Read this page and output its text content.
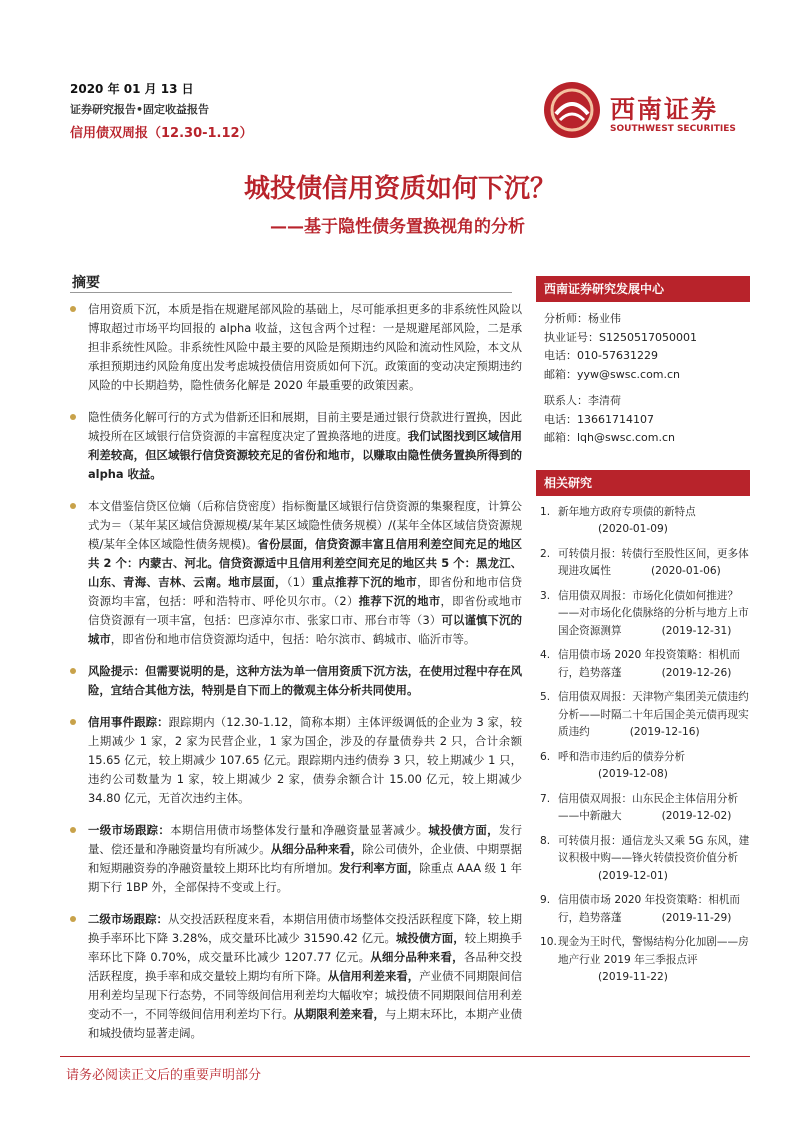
2020 年 01 月 13 日
证券研究报告•固定收益报告
信用债双周报（12.30-1.12）
西南证券
SOUTHWEST SECURITIES
城投债信用资质如何下沉？
——基于隐性债务置换视角的分析
摘要
信用资质下沉，本质是指在规避尾部风险的基础上，尽可能承担更多的非系统性风险以博取超过市场平均回报的 alpha 收益，这包含两个过程：一是规避尾部风险，二是承担非系统性风险。非系统性风险中最主要的风险是预期违约风险和流动性风险，本文从承担预期违约风险角度出发考虑城投债信用资质如何下沉。政策面的变动决定预期违约风险的中长期趋势，隐性债务化解是 2020 年最重要的政策因素。
隐性债务化解可行的方式为借新还旧和展期，目前主要是通过银行贷款进行置换，因此城投所在区域银行信贷资源的丰富程度决定了置换落地的进度。我们试图找到区域信用利差较高，但区域银行信贷资源较充足的省份和地市，以赚取由隐性债务置换所得到的 alpha 收益。
本文借鉴信贷区位熵（后称信贷密度）指标衡量区域银行信贷资源的集聚程度，计算公式为＝（某年某区域信贷源规模/某年某区域隐性债务规模）/(某年全体区域信贷资源规模/某年全体区域隐性债务规模)。省份层面，信贷资源丰富且信用利差空间充足的地区共 2 个：内蒙古、河北。信贷资源适中且信用利差空间充足的地区共 5 个：黑龙江、山东、青海、吉林、云南。地市层面，（1）重点推荐下沉的地市，即省份和地市信贷资源均丰富，包括：呼和浩特市、呼伦贝尔市。（2）推荐下沉的地市，即省份或地市信贷资源有一项丰富，包括：巴彦淖尔市、张家口市、邢台市等（3）可以谨慎下沉的城市，即省份和地市信贷资源均适中，包括：哈尔滨市、鹤城市、临沂市等。
风险提示：但需要说明的是，这种方法为单一信用资质下沉方法，在使用过程中存在风险，宜结合其他方法，特别是自下而上的微观主体分析共同使用。
信用事件跟踪：跟踪期内（12.30-1.12，简称本期）主体评级调低的企业为 3 家，较上期减少 1 家，2 家为民营企业，1 家为国企，涉及的存量债券共 2 只，合计余额 15.65 亿元，较上期减少 107.65 亿元。跟踪期内违约债券 3 只，较上期减少 1 只，违约公司数量为 1 家，较上期减少 2 家，债券余额合计 15.00 亿元，较上期减少 34.80 亿元，无首次违约主体。
一级市场跟踪：本期信用债市场整体发行量和净融资量显著减少。城投债方面，发行量、偿还量和净融资量均有所减少。从细分品种来看，除公司债外，企业债、中期票据和短期融资券的净融资量较上期环比均有所增加。发行利率方面，除重点 AAA 级 1 年期下行 1BP 外，全部保持不变或上行。
二级市场跟踪：从交投活跃程度来看，本期信用债市场整体交投活跃程度下降，较上期换手率环比下降 3.28%，成交量环比减少 31590.42 亿元。城投债方面，较上期换手率环比下降 0.70%，成交量环比减少 1207.77 亿元。从细分品种来看，各品种交投活跃程度，换手率和成交量较上期均有所下降。从信用利差来看，产业债不同期限间信用利差均呈现下行态势，不同等级间信用利差均大幅收窄；城投债不同期限间信用利差变动不一，不同等级间信用利差均下行。从期限利差来看，与上期末环比，本期产业债和城投债均显著走阔。
西南证券研究发展中心
分析师：杨业伟
执业证号：S1250517050001
电话：010-57631229
邮箱：yyw@swsc.com.cn
联系人：李清荷
电话：13661714107
邮箱：lqh@swsc.com.cn
相关研究
1. 新年地方政府专项债的新特点(2020-01-09)
2. 可转债月报：转债行至股性区间，更多体现进攻属性	(2020-01-06)
3. 信用债双周报：市场化化债如何推进？——对市场化化债脉络的分析与地方上市国企资源测算	(2019-12-31)
4. 信用债市场 2020 年投资策略：相机而行，趋势落蓬	(2019-12-26)
5. 信用债双周报：天津物产集团美元债违约分析——时隔二十年后国企美元债再现实质违约	(2019-12-16)
6. 呼和浩市违约后的债券分析(2019-12-08)
7. 信用债双周报：山东民企主体信用分析——中新融大	(2019-12-02)
8. 可转债月报：通信龙头又乘 5G 东风，建议积极中购——锋火转债投资价值分析(2019-12-01)
9. 信用债市场 2020 年投资策略：相机而行，趋势落蓬	(2019-11-29)
10. 现金为王时代，警惕结构分化加剧——房地产行业 2019 年三季报点评(2019-11-22)
请务必阅读正文后的重要声明部分
